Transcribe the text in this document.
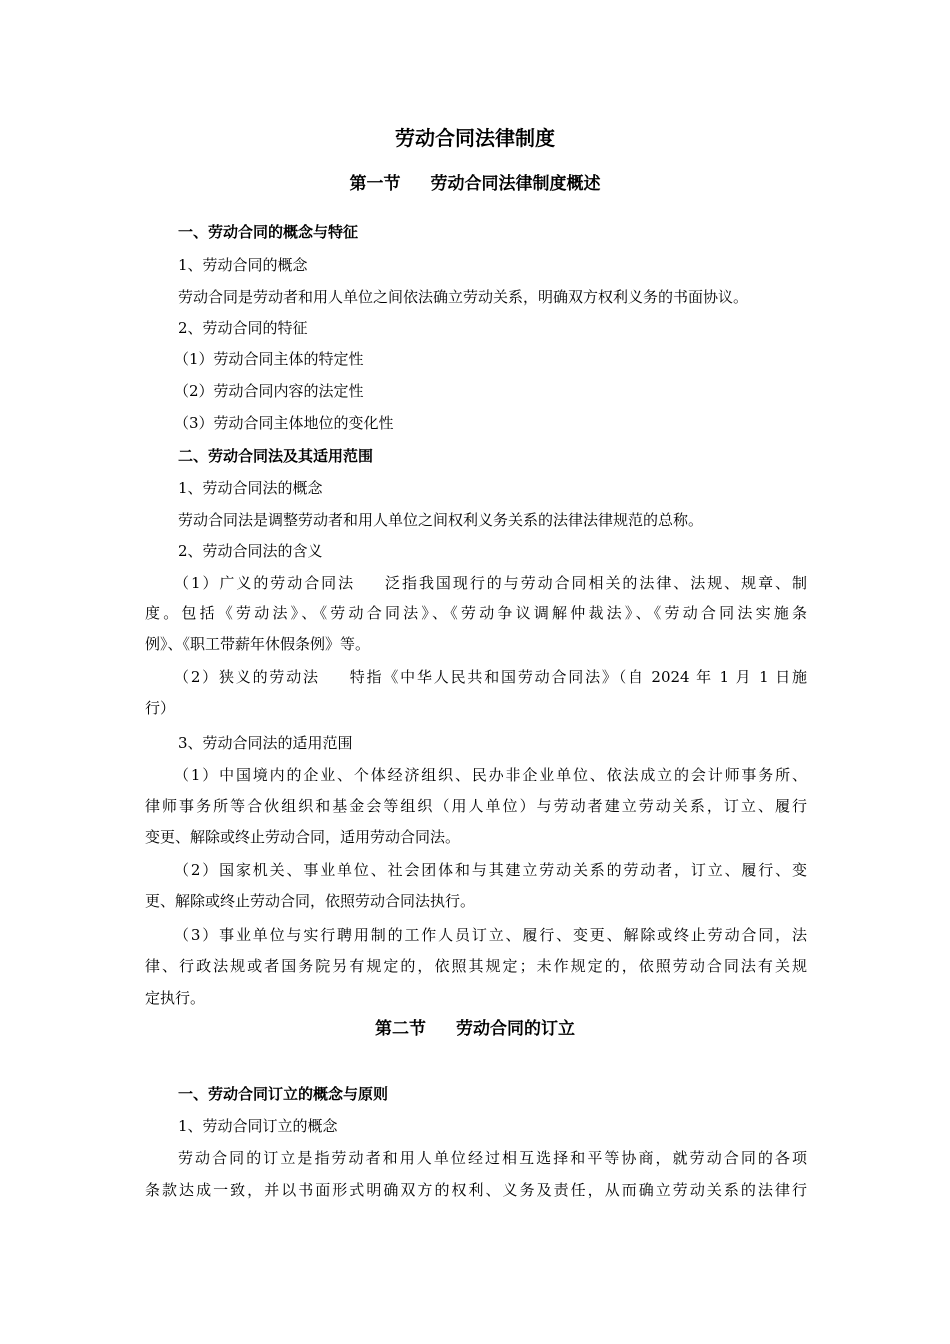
劳动合同法律制度
第一节 劳动合同法律制度概述
一、劳动合同的概念与特征
1、劳动合同的概念
劳动合同是劳动者和用人单位之间依法确立劳动关系，明确双方权利义务的书面协议。
2、劳动合同的特征
（1）劳动合同主体的特定性
（2）劳动合同内容的法定性
（3）劳动合同主体地位的变化性
二、劳动合同法及其适用范围
1、劳动合同法的概念
劳动合同法是调整劳动者和用人单位之间权利义务关系的法律法律规范的总称。
2、劳动合同法的含义
（1）广义的劳动合同法 泛指我国现行的与劳动合同相关的法律、法规、规章、制
度。包括《劳动法》、《劳动合同法》、《劳动争议调解仲裁法》、《劳动合同法实施条
例》、《职工带薪年休假条例》等。
（2）狭义的劳动法 特指《中华人民共和国劳动合同法》（自 2024 年 1 月 1 日施
行）
3、劳动合同法的适用范围
（1）中国境内的企业、个体经济组织、民办非企业单位、依法成立的会计师事务所、
律师事务所等合伙组织和基金会等组织（用人单位）与劳动者建立劳动关系，订立、履行
变更、解除或终止劳动合同，适用劳动合同法。
（2）国家机关、事业单位、社会团体和与其建立劳动关系的劳动者，订立、履行、变
更、解除或终止劳动合同，依照劳动合同法执行。
（3）事业单位与实行聘用制的工作人员订立、履行、变更、解除或终止劳动合同，法
律、行政法规或者国务院另有规定的，依照其规定；未作规定的，依照劳动合同法有关规
定执行。
第二节 劳动合同的订立
一、劳动合同订立的概念与原则
1、劳动合同订立的概念
劳动合同的订立是指劳动者和用人单位经过相互选择和平等协商，就劳动合同的各项
条款达成一致，并以书面形式明确双方的权利、义务及责任，从而确立劳动关系的法律行
